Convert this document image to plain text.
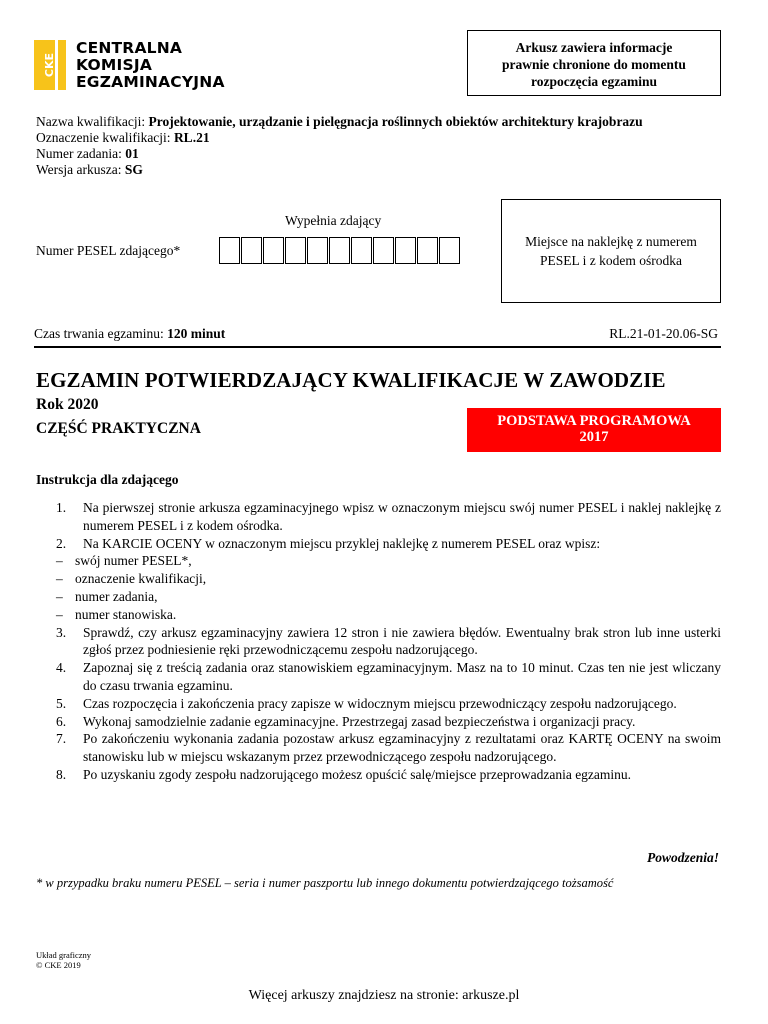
CKE
CENTRALNA
KOMISJA
EGZAMINACYJNA
Arkusz zawiera informacje
prawnie chronione do momentu
rozpoczęcia egzaminu
Nazwa kwalifikacji: Projektowanie, urządzanie i pielęgnacja roślinnych obiektów architektury krajobrazu
Oznaczenie kwalifikacji: RL.21
Numer zadania: 01
Wersja arkusza: SG
Wypełnia zdający
Numer PESEL zdającego*
Miejsce na naklejkę z numerem
PESEL i z kodem ośrodka
Czas trwania egzaminu: 120 minut	RL.21-01-20.06-SG
EGZAMIN POTWIERDZAJĄCY KWALIFIKACJE W ZAWODZIE
Rok 2020
CZĘŚĆ PRAKTYCZNA	PODSTAWA PROGRAMOWA
2017
Instrukcja dla zdającego
1.	Na pierwszej stronie arkusza egzaminacyjnego wpisz w oznaczonym miejscu swój numer PESEL i naklej naklejkę z numerem PESEL i z kodem ośrodka.
2.	Na KARCIE OCENY w oznaczonym miejscu przyklej naklejkę z numerem PESEL oraz wpisz:
– swój numer PESEL*,
– oznaczenie kwalifikacji,
– numer zadania,
– numer stanowiska.
3.	Sprawdź, czy arkusz egzaminacyjny zawiera 12 stron i nie zawiera błędów. Ewentualny brak stron lub inne usterki zgłoś przez podniesienie ręki przewodniczącemu zespołu nadzorującego.
4.	Zapoznaj się z treścią zadania oraz stanowiskiem egzaminacyjnym. Masz na to 10 minut. Czas ten nie jest wliczany do czasu trwania egzaminu.
5.	Czas rozpoczęcia i zakończenia pracy zapisze w widocznym miejscu przewodniczący zespołu nadzorującego.
6.	Wykonaj samodzielnie zadanie egzaminacyjne. Przestrzegaj zasad bezpieczeństwa i organizacji pracy.
7.	Po zakończeniu wykonania zadania pozostaw arkusz egzaminacyjny z rezultatami oraz KARTĘ OCENY na swoim stanowisku lub w miejscu wskazanym przez przewodniczącego zespołu nadzorującego.
8.	Po uzyskaniu zgody zespołu nadzorującego możesz opuścić salę/miejsce przeprowadzania egzaminu.
Powodzenia!
* w przypadku braku numeru PESEL – seria i numer paszportu lub innego dokumentu potwierdzającego tożsamość
Układ graficzny
© CKE 2019
Więcej arkuszy znajdziesz na stronie: arkusze.pl
